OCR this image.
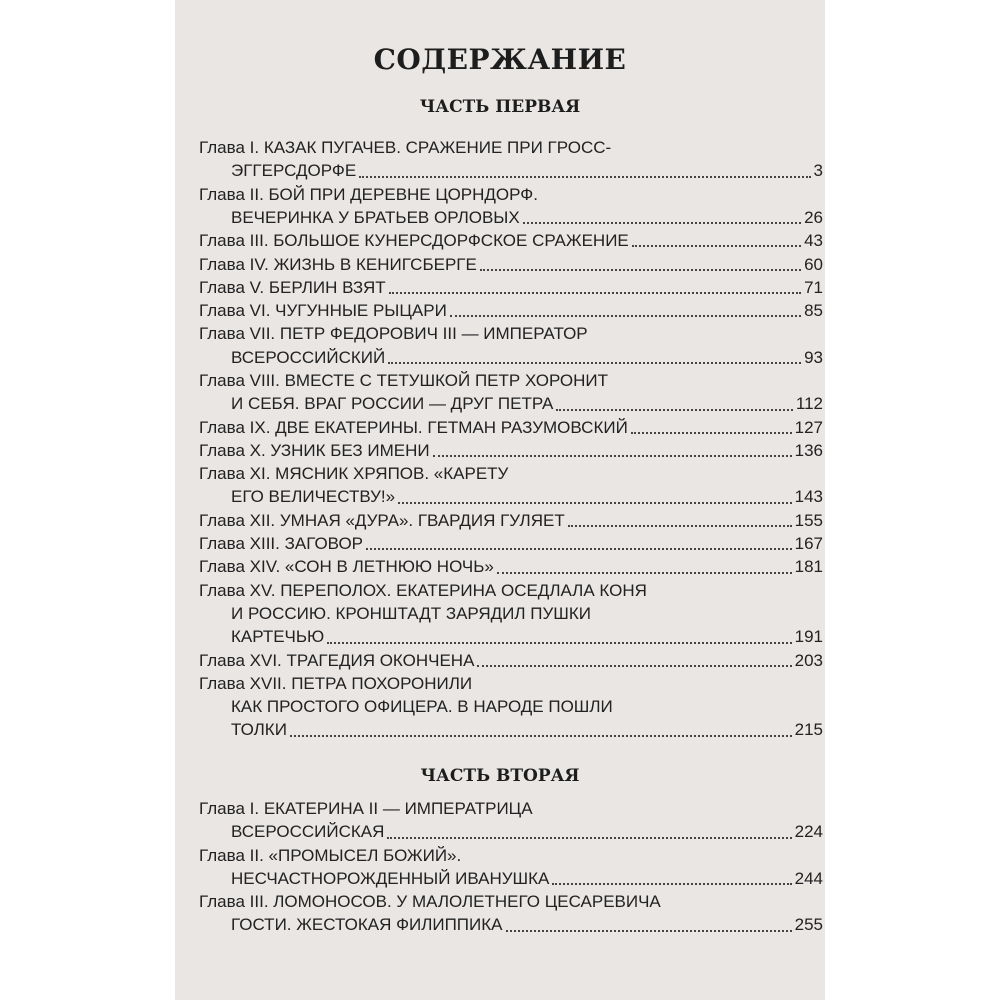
СОДЕРЖАНИЕ
ЧАСТЬ ПЕРВАЯ
Глава I. КАЗАК ПУГАЧЕВ. СРАЖЕНИЕ ПРИ ГРОСС-
ЭГГЕРСДОРФЕ	3
Глава II. БОЙ ПРИ ДЕРЕВНЕ ЦОРНДОРФ.
ВЕЧЕРИНКА У БРАТЬЕВ ОРЛОВЫХ	26
Глава III. БОЛЬШОЕ КУНЕРСДОРФСКОЕ СРАЖЕНИЕ	43
Глава IV. ЖИЗНЬ В КЕНИГСБЕРГЕ	60
Глава V. БЕРЛИН ВЗЯТ	71
Глава VI. ЧУГУННЫЕ РЫЦАРИ	85
Глава VII. ПЕТР ФЕДОРОВИЧ III — ИМПЕРАТОР
ВСЕРОССИЙСКИЙ	93
Глава VIII. ВМЕСТЕ С ТЕТУШКОЙ ПЕТР ХОРОНИТ
И СЕБЯ. ВРАГ РОССИИ — ДРУГ ПЕТРА	112
Глава IX. ДВЕ ЕКАТЕРИНЫ. ГЕТМАН РАЗУМОВСКИЙ	127
Глава X. УЗНИК БЕЗ ИМЕНИ	136
Глава XI. МЯСНИК ХРЯПОВ. «КАРЕТУ
ЕГО ВЕЛИЧЕСТВУ!»	143
Глава XII. УМНАЯ «ДУРА». ГВАРДИЯ ГУЛЯЕТ	155
Глава XIII. ЗАГОВОР	167
Глава XIV. «СОН В ЛЕТНЮЮ НОЧЬ»	181
Глава XV. ПЕРЕПОЛОХ. ЕКАТЕРИНА ОСЕДЛАЛА КОНЯ
И РОССИЮ. КРОНШТАДТ ЗАРЯДИЛ ПУШКИ
КАРТЕЧЬЮ	191
Глава XVI. ТРАГЕДИЯ ОКОНЧЕНА	203
Глава XVII. ПЕТРА ПОХОРОНИЛИ
КАК ПРОСТОГО ОФИЦЕРА. В НАРОДЕ ПОШЛИ
ТОЛКИ	215
ЧАСТЬ ВТОРАЯ
Глава I. ЕКАТЕРИНА II — ИМПЕРАТРИЦА
ВСЕРОССИЙСКАЯ	224
Глава II. «ПРОМЫСЕЛ БОЖИЙ».
НЕСЧАСТНОРОЖДЕННЫЙ ИВАНУШКА	244
Глава III. ЛОМОНОСОВ. У МАЛОЛЕТНЕГО ЦЕСАРЕВИЧА
ГОСТИ. ЖЕСТОКАЯ ФИЛИППИКА	255
